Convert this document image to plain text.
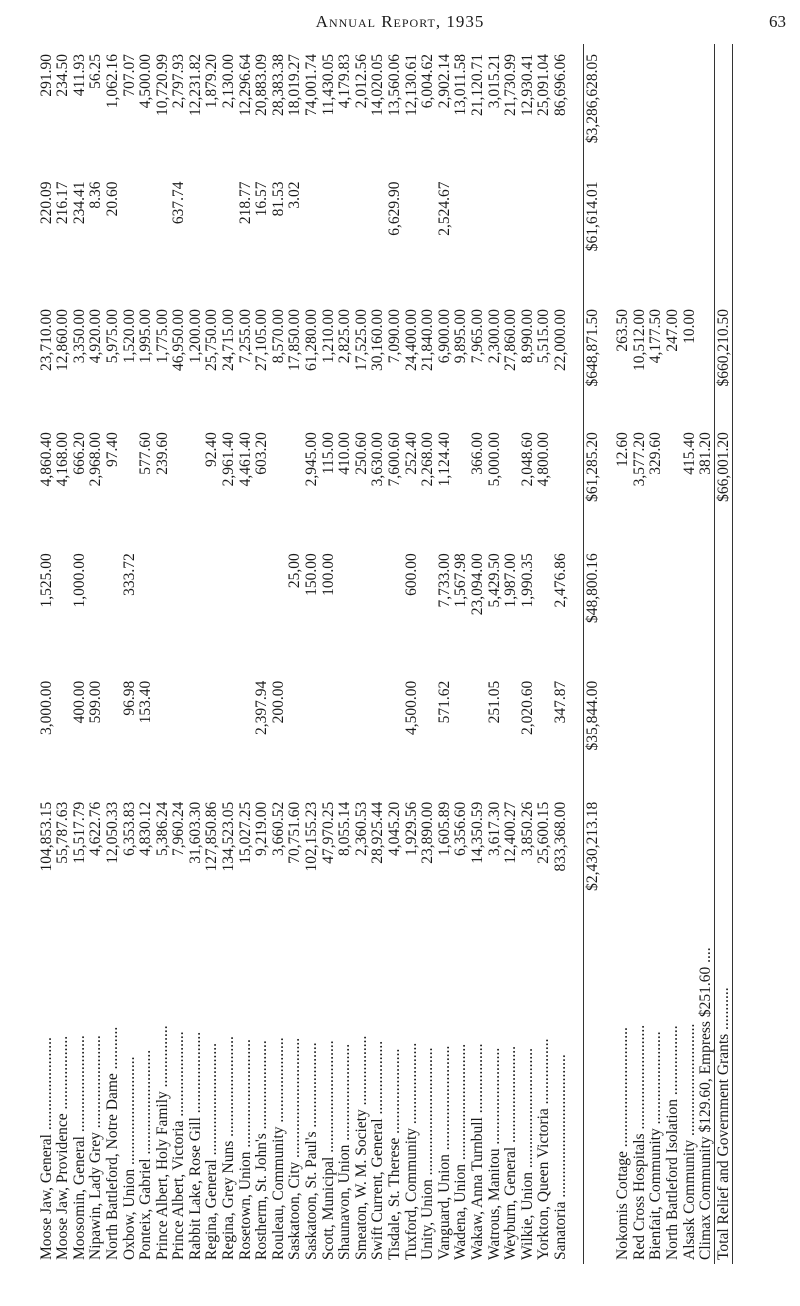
Annual Report, 1935	63
Moose Jaw, General ........................	104,853.15	3,000.00	1,525.00	4,860.40	23,710.00	220.09	291.90
Moose Jaw, Providence ...................	55,787.63			4,168.00	12,860.00	216.17	234.50
Moosomin, General .........................	15,517.79	400.00	1,000.00	666.20	3,350.00	234.41	411.93
Nipawin, Lady Grey ........................	4,622.76	599.00		2,968.00	4,920.00	8.36	56.25
North Battleford, Notre Dame ...........	12,050.33			97.40	5,975.00	20.60	1,062.16
Oxbow, Union ............................	6,353.83	96.98	333.72		1,520.00		707.07
Ponteix, Gabriel ...........................	4,830.12	153.40		577.60	1,995.00		4,500.00
Prince Albert, Holy Family ................	5,386.24			239.60	1,775.00		10,720.99
Prince Albert, Victoria ......................	7,960.24				46,950.00	637.74	2,797.93
Rabbit Lake, Rose Gill .....................	31,603.30				1,200.00		12,231.82
Regina, General .............................	127,850.86			92.40	25,750.00		1,879.20
Regina, Grey Nuns ..........................	134,523.05			2,961.40	24,715.00		2,130.00
Rosetown, Union ............................	15,027.25			4,461.40	7,255.00	218.77	12,296.64
Rostherm, St. John's .......................	9,219.00	2,397.94		603.20	27,105.00	16.57	20,883.09
Rouleau, Community ......................	3,660.52	200.00			8,570.00	81.53	28,383.38
Saskatoon, City ...............................	70,751.60		25,00		17,850.00	3.02	18,019.27
Saskatoon, St. Paul's ......................	102,155.23		150.00	2,945.00	61,280.00		74,001.74
Scott, Municipal .............................	47,970.25		100.00	115.00	1,210.00		11,430.05
Shaunavon, Union .........................	8,055.14			410.00	2,825.00		4,179.83
Smeaton, W. M. Society ..................	2,360.53			250.60	17,525.00		2,012.56
Swift Current, General ...................	28,925.44			3,630.00	30,160.00		14,020.05
Tisdale, St. Therese ......................	4,045.20			7,600.60	7,090.00	6,629.90	13,560.06
Tuxford, Community .....................	1,929.56	4,500.00	600.00	252.40	24,400.00		12,130.61
Unity, Union .................................	23,890.00			2,268.00	21,840.00		6,004.62
Vanguard, Union ...........................	1,605.89	571.62	7,733.00	1,124.40	6,900.00	2,524.67	2,902.14
Wadena, Union ..............................	6,356.60		1,567.98		9,895.00		13,011.58
Wakaw, Anna Turnbull ..................	14,350.59		23,094.00	366.00	7,965.00		21,120.71
Watrous, Manitou .........................	3,617.30	251.05	5,429.50	5,000.00	2,300.00		3,015.21
Weyburn, General .........................	12,400.27		1,987.00		27,860.00		21,730.99
Wilkie, Union ...............................	3,850.26	2,020.60	1,990.35	2,048.60	8,990.00		12,930.41
Yorkton, Queen Victoria .................	25,600.15			4,800.00	5,515.00		25,091.04
Sanatoria .....................................	833,368.00	347.87	2,476.86		22,000.00		86,696.06

	$2,430,213.18	$35,844.00	$48,800.16	$61,285.20	$648,871.50	$61,614.01	$3,286,628.05

Nokomis Cottage ...............................				12.60	263.50		
Red Cross Hospitals ...........................				3,577.20	10,512.00		
Bienfait, Community ........................				329.60	4,177.50		
North Battleford Isolation ..................					247.00		
Alsask Community .............................				415.40	10.00		
Climax Community $129.60, Empress $251.60 ....				381.20			
Total Relief and Government Grants ...........				$66,001.20	$660,210.50		
